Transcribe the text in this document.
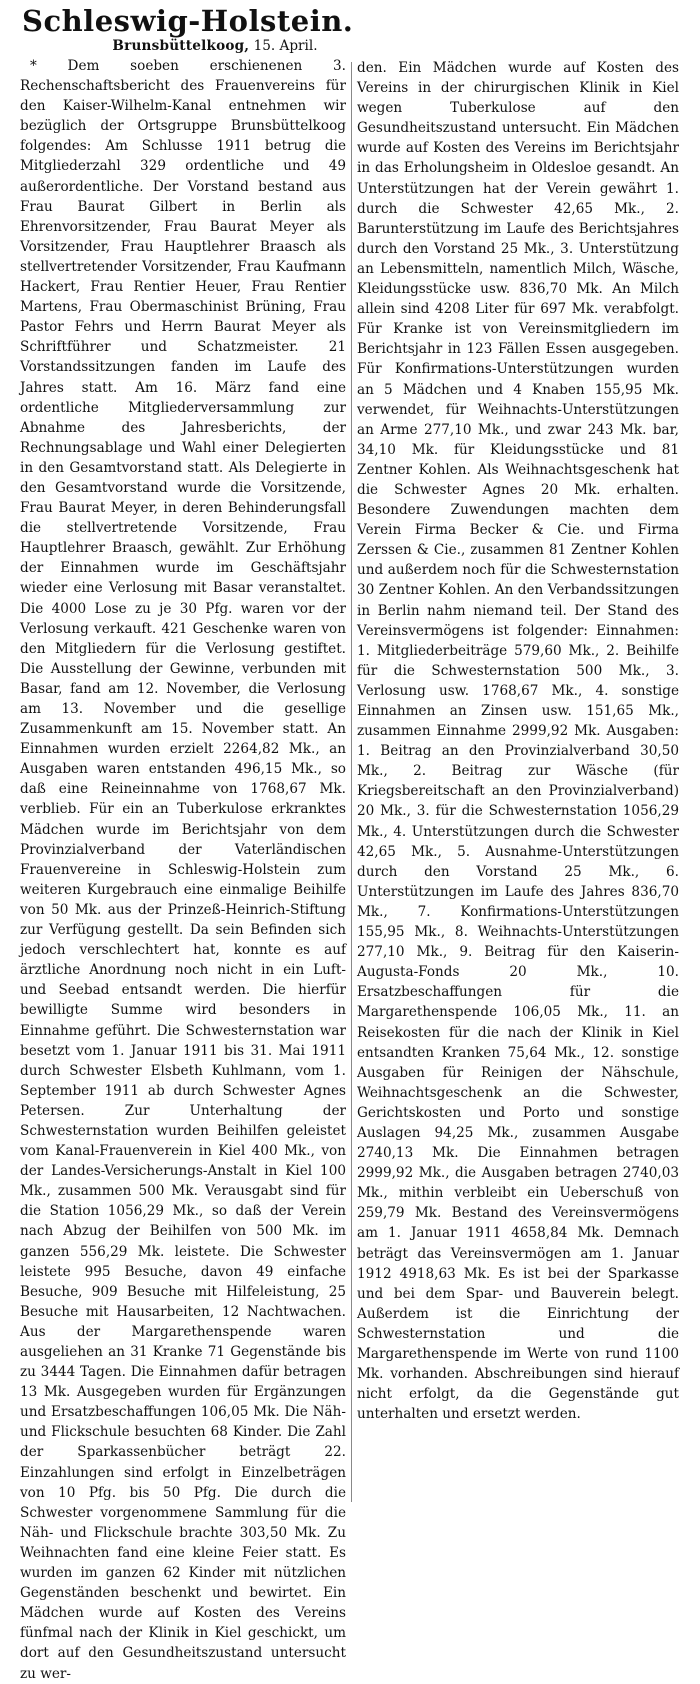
Schleswig-Holstein.
Brunsbüttelkoog, 15. April.

* Dem soeben erschienenen 3. Rechenschaftsbericht des Frauenvereins für den Kaiser-Wilhelm-Kanal entnehmen wir bezüglich der Ortsgruppe Brunsbüttelkoog folgendes: Am Schlusse 1911 betrug die Mitgliederzahl 329 ordentliche und 49 außerordentliche. Der Vorstand bestand aus Frau Baurat Gilbert in Berlin als Ehrenvorsitzender, Frau Baurat Meyer als Vorsitzender, Frau Hauptlehrer Braasch als stellvertretender Vorsitzender, Frau Kaufmann Hackert, Frau Rentier Heuer, Frau Rentier Martens, Frau Obermaschinist Brüning, Frau Pastor Fehrs und Herrn Baurat Meyer als Schriftführer und Schatzmeister. 21 Vorstandssitzungen fanden im Laufe des Jahres statt. Am 16. März fand eine ordentliche Mitgliederversammlung zur Abnahme des Jahresberichts, der Rechnungsablage und Wahl einer Delegierten in den Gesamtvorstand statt. Als Delegierte in den Gesamtvorstand wurde die Vorsitzende, Frau Baurat Meyer, in deren Behinderungsfall die stellvertretende Vorsitzende, Frau Hauptlehrer Braasch, gewählt. Zur Erhöhung der Einnahmen wurde im Geschäftsjahr wieder eine Verlosung mit Basar veranstaltet. Die 4000 Lose zu je 30 Pfg. waren vor der Verlosung verkauft. 421 Geschenke waren von den Mitgliedern für die Verlosung gestiftet. Die Ausstellung der Gewinne, verbunden mit Basar, fand am 12. November, die Verlosung am 13. November und die gesellige Zusammenkunft am 15. November statt. An Einnahmen wurden erzielt 2264,82 Mk., an Ausgaben waren entstanden 496,15 Mk., so daß eine Reineinnahme von 1768,67 Mk. verblieb. Für ein an Tuberkulose erkranktes Mädchen wurde im Berichtsjahr von dem Provinzialverband der Vaterländischen Frauenvereine in Schleswig-Holstein zum weiteren Kurgebrauch eine einmalige Beihilfe von 50 Mk. aus der Prinzeß-Heinrich-Stiftung zur Verfügung gestellt. Da sein Befinden sich jedoch verschlechtert hat, konnte es auf ärztliche Anordnung noch nicht in ein Luft- und Seebad entsandt werden. Die hierfür bewilligte Summe wird besonders in Einnahme geführt. Die Schwesternstation war besetzt vom 1. Januar 1911 bis 31. Mai 1911 durch Schwester Elsbeth Kuhlmann, vom 1. September 1911 ab durch Schwester Agnes Petersen. Zur Unterhaltung der Schwesternstation wurden Beihilfen geleistet vom Kanal-Frauenverein in Kiel 400 Mk., von der Landes-Versicherungs-Anstalt in Kiel 100 Mk., zusammen 500 Mk. Verausgabt sind für die Station 1056,29 Mk., so daß der Verein nach Abzug der Beihilfen von 500 Mk. im ganzen 556,29 Mk. leistete. Die Schwester leistete 995 Besuche, davon 49 einfache Besuche, 909 Besuche mit Hilfeleistung, 25 Besuche mit Hausarbeiten, 12 Nachtwachen. Aus der Margarethenspende waren ausgeliehen an 31 Kranke 71 Gegenstände bis zu 3444 Tagen. Die Einnahmen dafür betragen 13 Mk. Ausgegeben wurden für Ergänzungen und Ersatzbeschaffungen 106,05 Mk. Die Näh- und Flickschule besuchten 68 Kinder. Die Zahl der Sparkassenbücher beträgt 22. Einzahlungen sind erfolgt in Einzelbeträgen von 10 Pfg. bis 50 Pfg. Die durch die Schwester vorgenommene Sammlung für die Näh- und Flickschule brachte 303,50 Mk. Zu Weihnachten fand eine kleine Feier statt. Es wurden im ganzen 62 Kinder mit nützlichen Gegenständen beschenkt und bewirtet. Ein Mädchen wurde auf Kosten des Vereins fünfmal nach der Klinik in Kiel geschickt, um dort auf den Gesundheitszustand untersucht zu wer-

den. Ein Mädchen wurde auf Kosten des Vereins in der chirurgischen Klinik in Kiel wegen Tuberkulose auf den Gesundheitszustand untersucht. Ein Mädchen wurde auf Kosten des Vereins im Berichtsjahr in das Erholungsheim in Oldesloe gesandt. An Unterstützungen hat der Verein gewährt 1. durch die Schwester 42,65 Mk., 2. Barunterstützung im Laufe des Berichtsjahres durch den Vorstand 25 Mk., 3. Unterstützung an Lebensmitteln, namentlich Milch, Wäsche, Kleidungsstücke usw. 836,70 Mk. An Milch allein sind 4208 Liter für 697 Mk. verabfolgt. Für Kranke ist von Vereinsmitgliedern im Berichtsjahr in 123 Fällen Essen ausgegeben. Für Konfirmations-Unterstützungen wurden an 5 Mädchen und 4 Knaben 155,95 Mk. verwendet, für Weihnachts-Unterstützungen an Arme 277,10 Mk., und zwar 243 Mk. bar, 34,10 Mk. für Kleidungsstücke und 81 Zentner Kohlen. Als Weihnachtsgeschenk hat die Schwester Agnes 20 Mk. erhalten. Besondere Zuwendungen machten dem Verein Firma Becker & Cie. und Firma Zerssen & Cie., zusammen 81 Zentner Kohlen und außerdem noch für die Schwesternstation 30 Zentner Kohlen. An den Verbandssitzungen in Berlin nahm niemand teil. Der Stand des Vereinsvermögens ist folgender: Einnahmen: 1. Mitgliederbeiträge 579,60 Mk., 2. Beihilfe für die Schwesternstation 500 Mk., 3. Verlosung usw. 1768,67 Mk., 4. sonstige Einnahmen an Zinsen usw. 151,65 Mk., zusammen Einnahme 2999,92 Mk. Ausgaben: 1. Beitrag an den Provinzialverband 30,50 Mk., 2. Beitrag zur Wäsche (für Kriegsbereitschaft an den Provinzialverband) 20 Mk., 3. für die Schwesternstation 1056,29 Mk., 4. Unterstützungen durch die Schwester 42,65 Mk., 5. Ausnahme-Unterstützungen durch den Vorstand 25 Mk., 6. Unterstützungen im Laufe des Jahres 836,70 Mk., 7. Konfirmations-Unterstützungen 155,95 Mk., 8. Weihnachts-Unterstützungen 277,10 Mk., 9. Beitrag für den Kaiserin-Augusta-Fonds 20 Mk., 10. Ersatzbeschaffungen für die Margarethenspende 106,05 Mk., 11. an Reisekosten für die nach der Klinik in Kiel entsandten Kranken 75,64 Mk., 12. sonstige Ausgaben für Reinigen der Nähschule, Weihnachtsgeschenk an die Schwester, Gerichtskosten und Porto und sonstige Auslagen 94,25 Mk., zusammen Ausgabe 2740,13 Mk. Die Einnahmen betragen 2999,92 Mk., die Ausgaben betragen 2740,03 Mk., mithin verbleibt ein Ueberschuß von 259,79 Mk. Bestand des Vereinsvermögens am 1. Januar 1911 4658,84 Mk. Demnach beträgt das Vereinsvermögen am 1. Januar 1912 4918,63 Mk. Es ist bei der Sparkasse und bei dem Spar- und Bauverein belegt. Außerdem ist die Einrichtung der Schwesternstation und die Margarethenspende im Werte von rund 1100 Mk. vorhanden. Abschreibungen sind hierauf nicht erfolgt, da die Gegenstände gut unterhalten und ersetzt werden.
